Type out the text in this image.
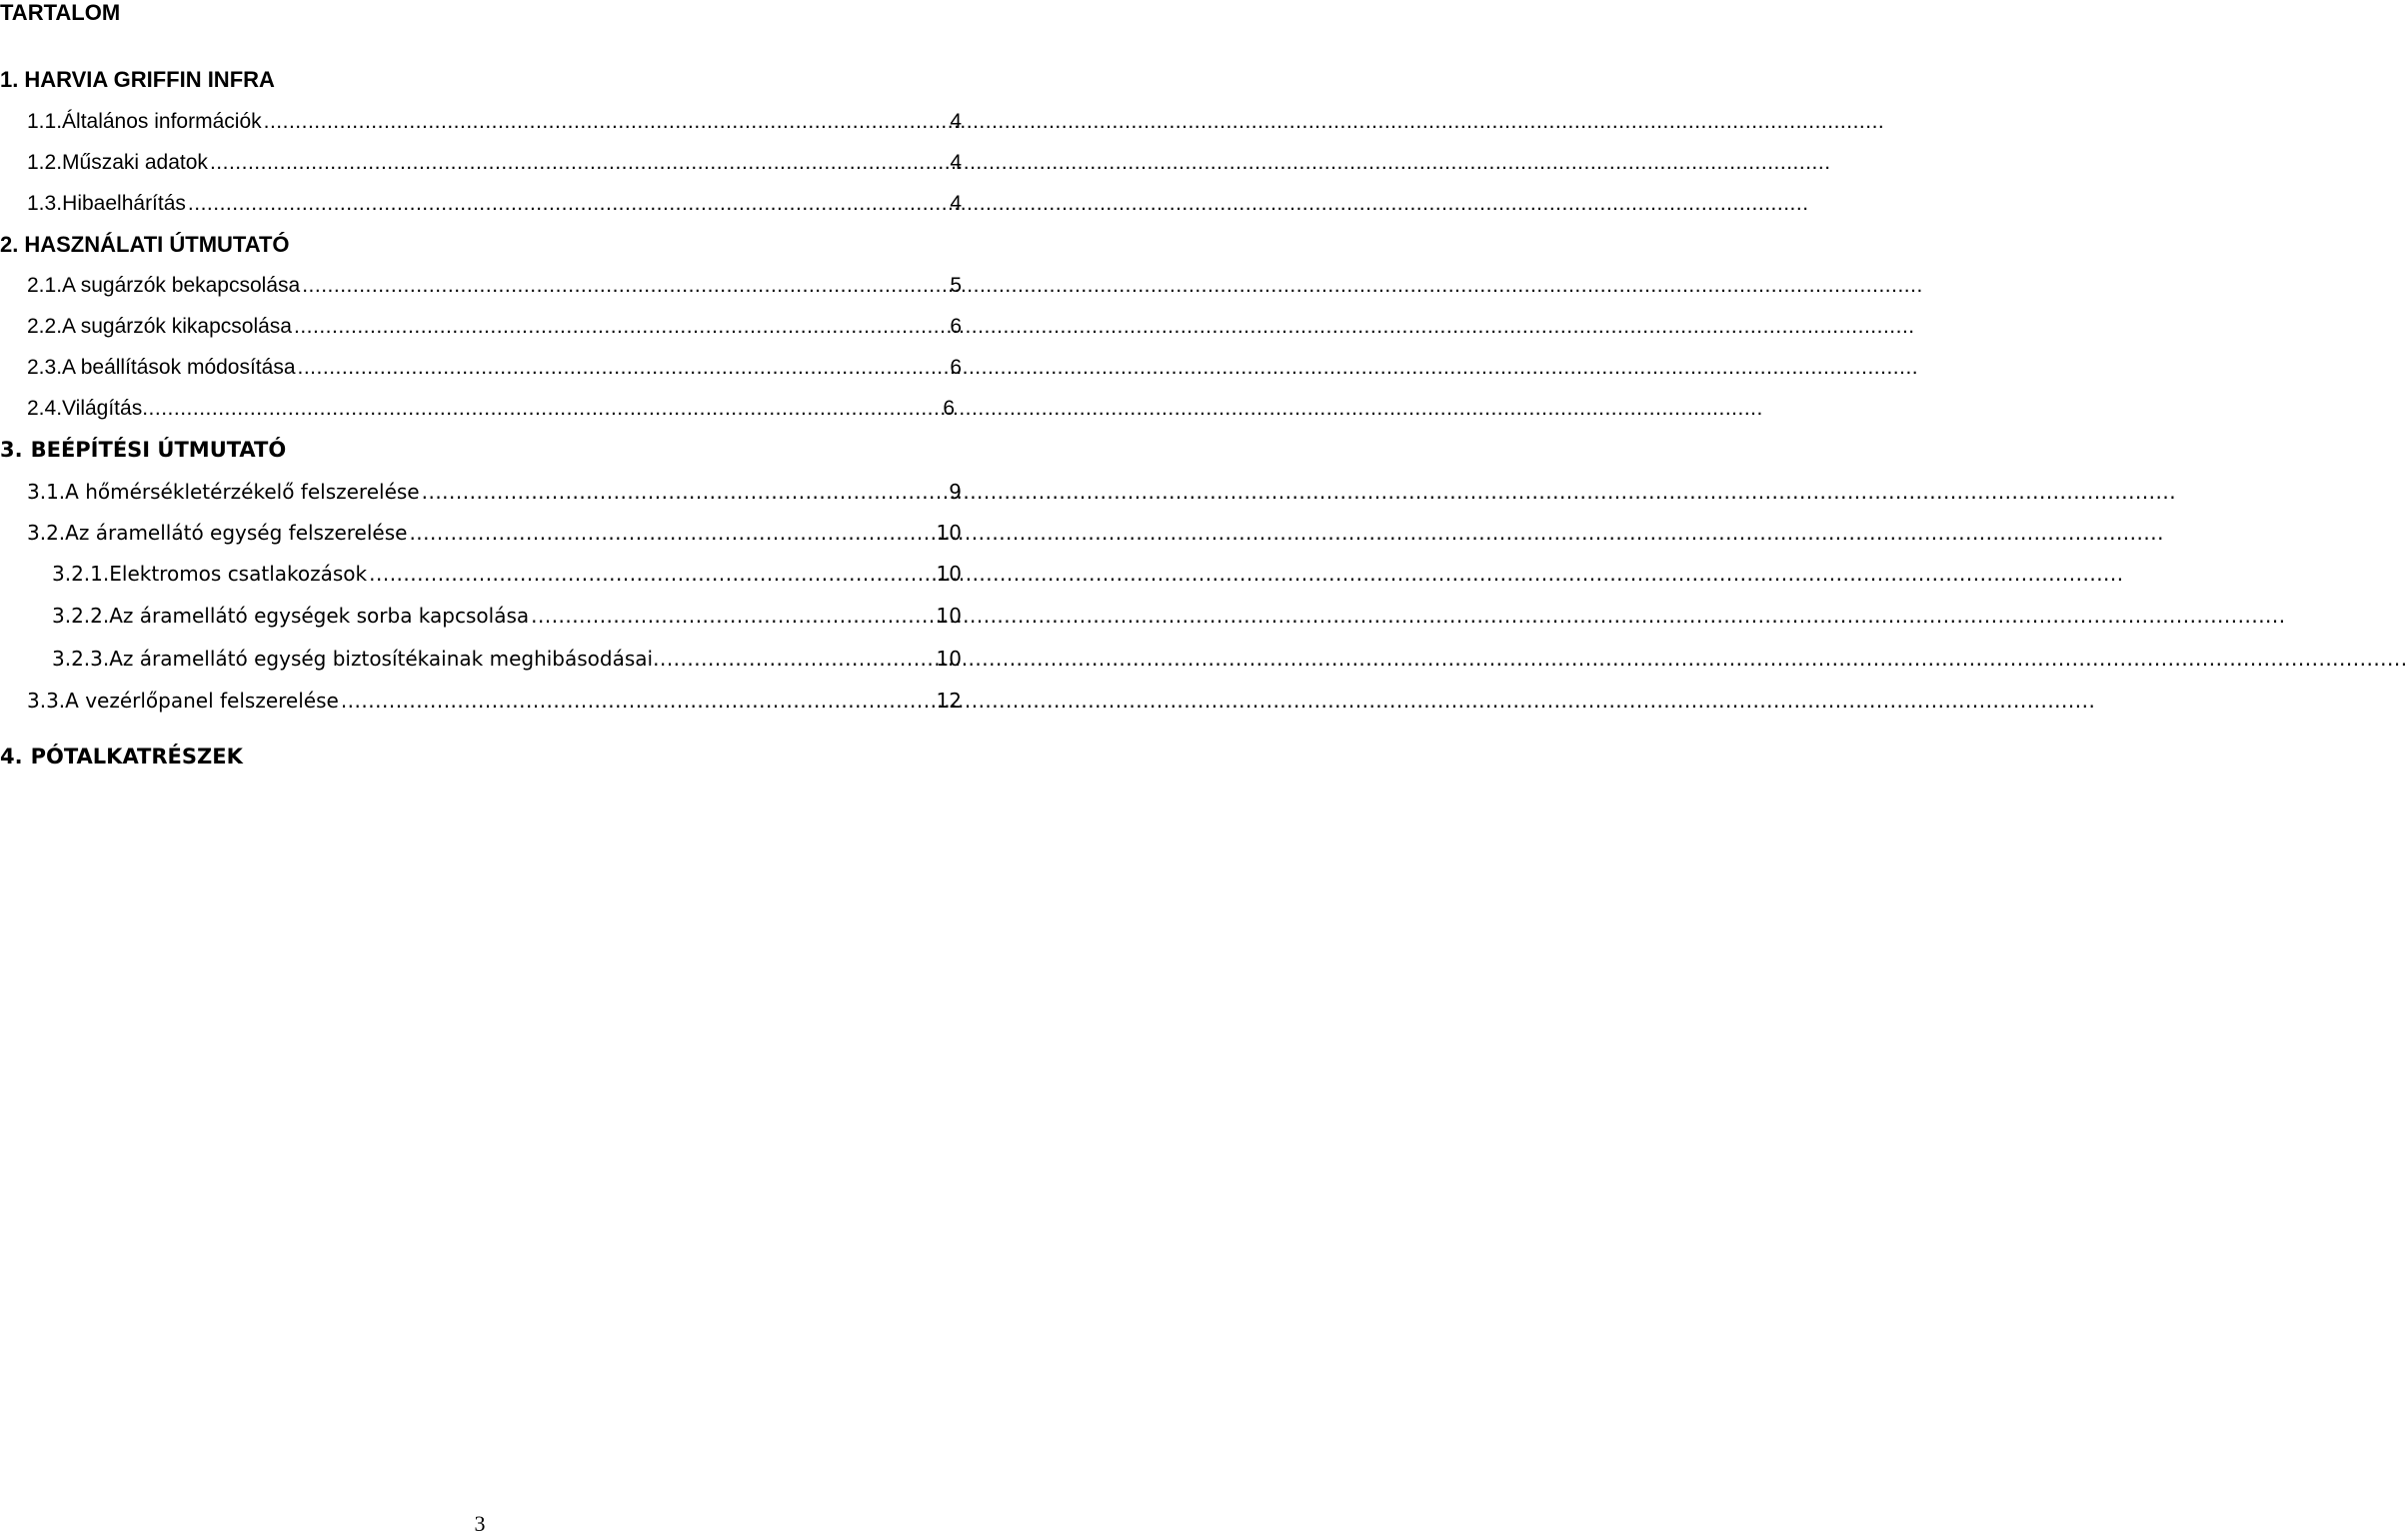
TARTALOM
1. HARVIA GRIFFIN INFRA
1.1. Általános információk .....	4
1.2. Műszaki adatok .....	4
1.3. Hibaelhárítás .....	4
2. HASZNÁLATI ÚTMUTATÓ
2.1. A sugárzók bekapcsolása .....	5
2.2. A sugárzók kikapcsolása .....	6
2.3. A beállítások módosítása .....	6
2.4. Világítás .....	6
3. BEÉPÍTÉSI ÚTMUTATÓ
3.1. A hőmérsékletérzékelő felszerelése .....	9
3.2. Az áramellátó egység felszerelése .....	10
3.2.1. Elektromos csatlakozások .....	10
3.2.2. Az áramellátó egységek sorba kapcsolása .....	10
3.2.3. Az áramellátó egység biztosítékainak meghibásodásai .....	10
3.3. A vezérlőpanel felszerelése .....	12
4. PÓTALKATRÉSZEK
3
